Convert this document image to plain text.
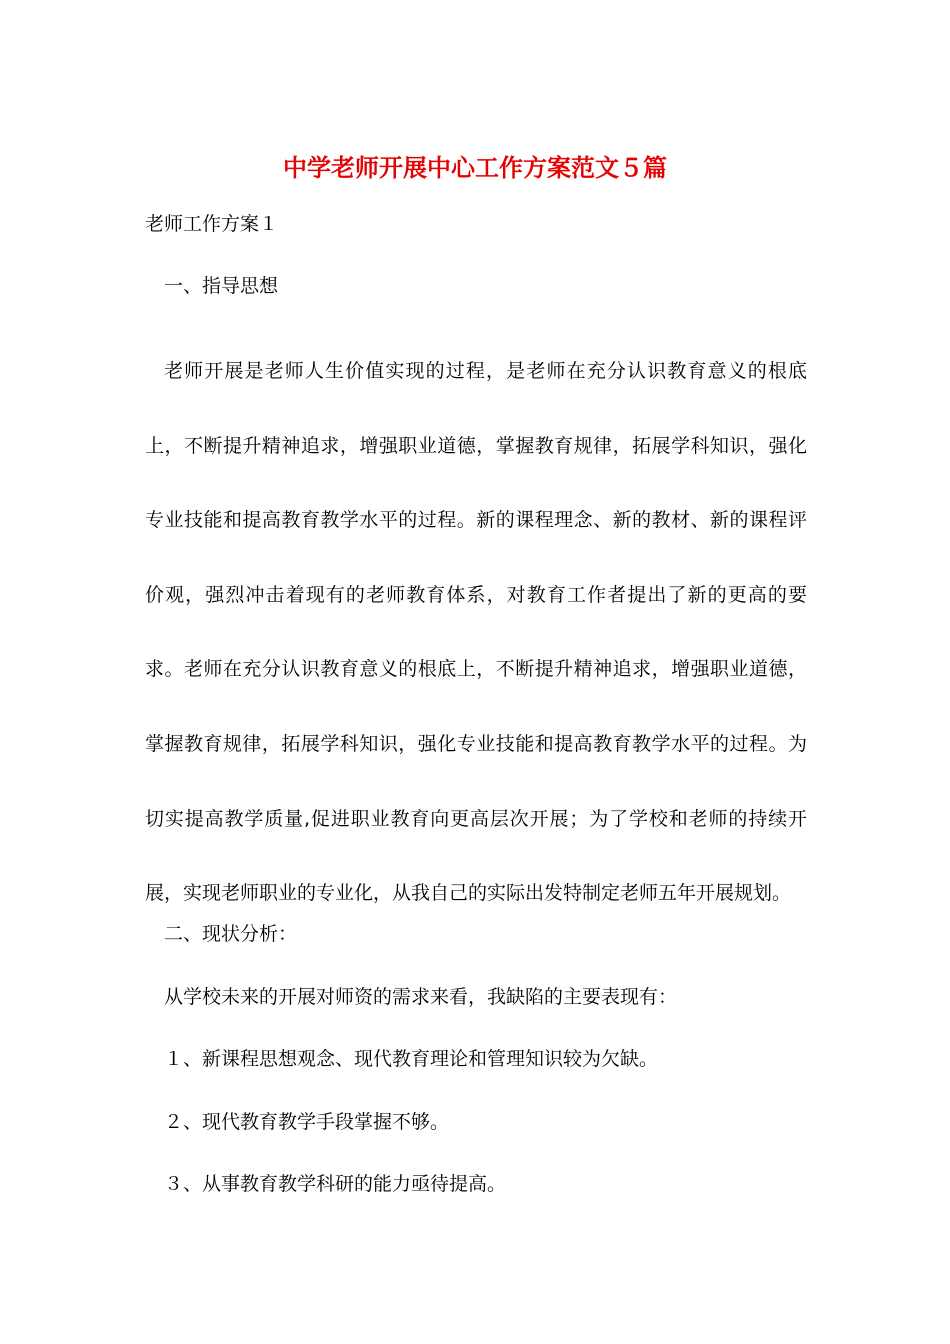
中学老师开展中心工作方案范文５篇
老师工作方案１
一、指导思想
老师开展是老师人生价值实现的过程，是老师在充分认识教育意义的根底上，不断提升精神追求，增强职业道德，掌握教育规律，拓展学科知识，强化专业技能和提高教育教学水平的过程。新的课程理念、新的教材、新的课程评价观，强烈冲击着现有的老师教育体系，对教育工作者提出了新的更高的要求。老师在充分认识教育意义的根底上，不断提升精神追求，增强职业道德，掌握教育规律，拓展学科知识，强化专业技能和提高教育教学水平的过程。为切实提高教学质量,促进职业教育向更高层次开展；为了学校和老师的持续开展，实现老师职业的专业化，从我自己的实际出发特制定老师五年开展规划。
二、现状分析：
从学校未来的开展对师资的需求来看，我缺陷的主要表现有：
１、新课程思想观念、现代教育理论和管理知识较为欠缺。
２、现代教育教学手段掌握不够。
３、从事教育教学科研的能力亟待提高。
